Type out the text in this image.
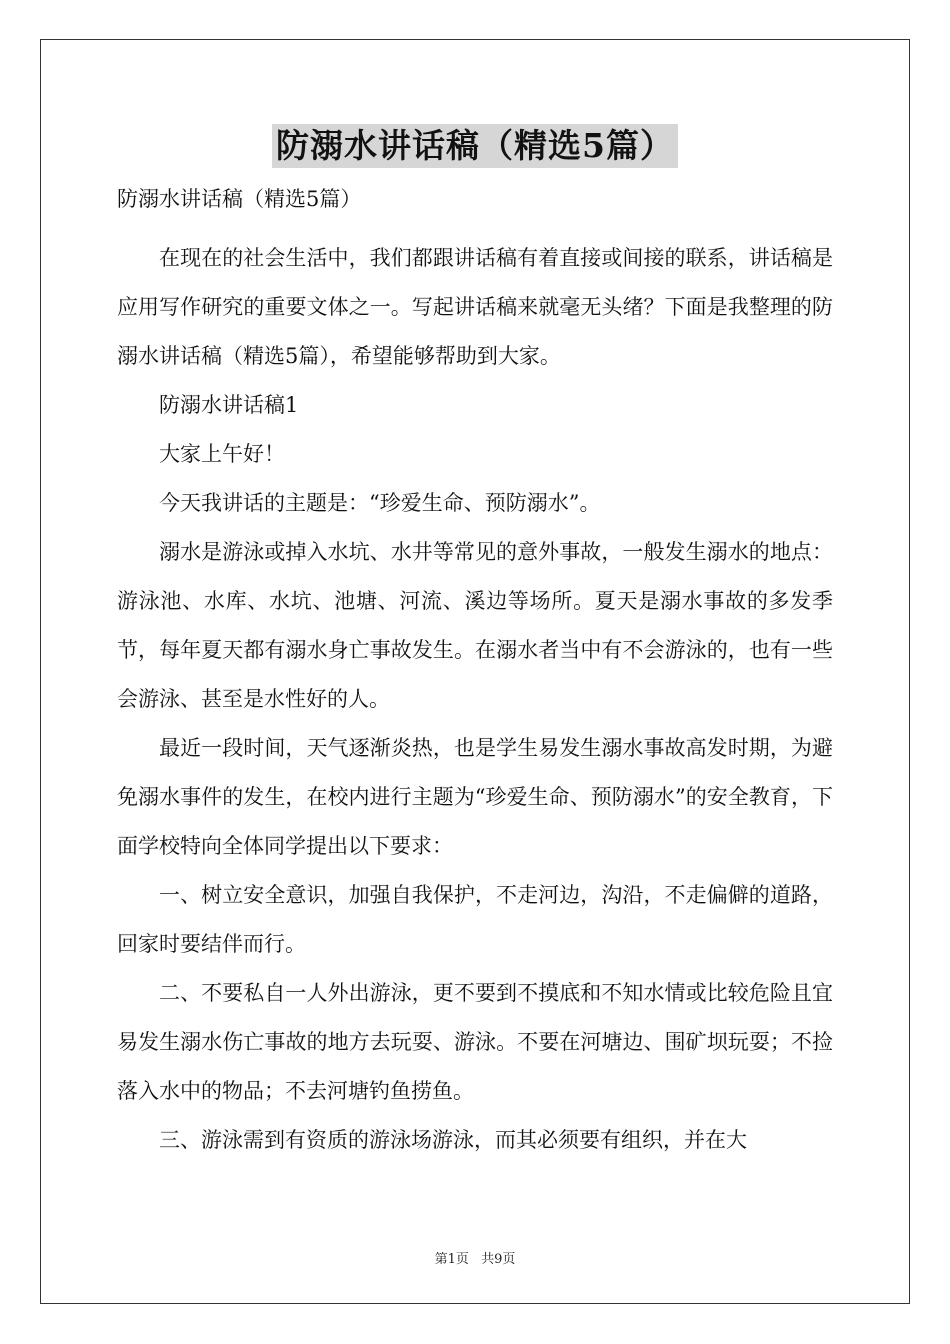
防溺水讲话稿（精选5篇）

防溺水讲话稿（精选5篇）

在现在的社会生活中，我们都跟讲话稿有着直接或间接的联系，讲话稿是应用写作研究的重要文体之一。写起讲话稿来就毫无头绪？下面是我整理的防溺水讲话稿（精选5篇），希望能够帮助到大家。

防溺水讲话稿1

大家上午好！

今天我讲话的主题是：“珍爱生命、预防溺水”。

溺水是游泳或掉入水坑、水井等常见的意外事故，一般发生溺水的地点：游泳池、水库、水坑、池塘、河流、溪边等场所。夏天是溺水事故的多发季节，每年夏天都有溺水身亡事故发生。在溺水者当中有不会游泳的，也有一些会游泳、甚至是水性好的人。

最近一段时间，天气逐渐炎热，也是学生易发生溺水事故高发时期，为避免溺水事件的发生，在校内进行主题为“珍爱生命、预防溺水”的安全教育，下面学校特向全体同学提出以下要求：

一、树立安全意识，加强自我保护，不走河边，沟沿，不走偏僻的道路，回家时要结伴而行。

二、不要私自一人外出游泳，更不要到不摸底和不知水情或比较危险且宜易发生溺水伤亡事故的地方去玩耍、游泳。不要在河塘边、围矿坝玩耍；不捡落入水中的物品；不去河塘钓鱼捞鱼。

三、游泳需到有资质的游泳场游泳，而其必须要有组织，并在大

第1页 共9页
